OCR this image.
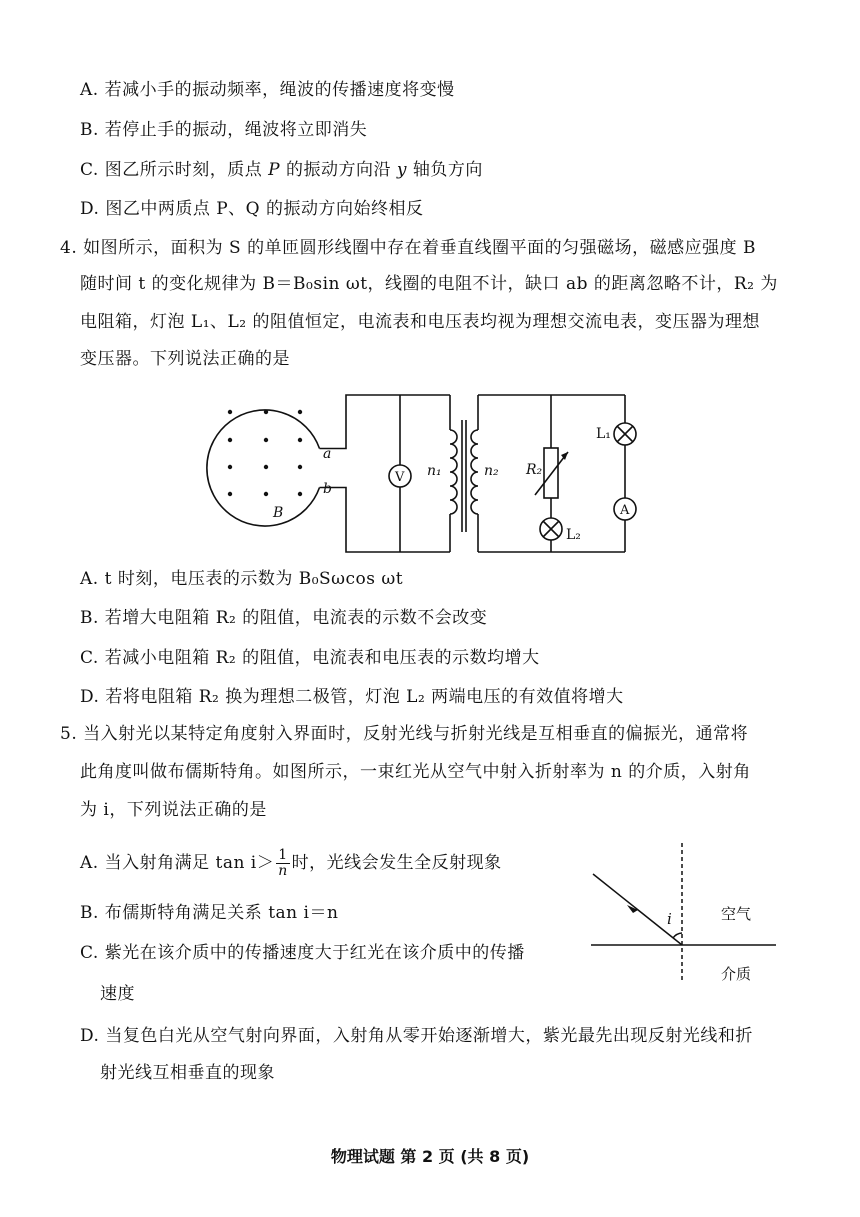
A. 若减小手的振动频率，绳波的传播速度将变慢
B. 若停止手的振动，绳波将立即消失
C. 图乙所示时刻，质点 P 的振动方向沿 y 轴负方向
D. 图乙中两质点 P、Q 的振动方向始终相反
4. 如图所示，面积为 S 的单匝圆形线圈中存在着垂直线圈平面的匀强磁场，磁感应强度 B
随时间 t 的变化规律为 B＝B₀sin ωt，线圈的电阻不计，缺口 ab 的距离忽略不计，R₂ 为
电阻箱，灯泡 L₁、L₂ 的阻值恒定，电流表和电压表均视为理想交流电表，变压器为理想
变压器。下列说法正确的是
a
b
B
V
A
n₁	n₂ R₂
L₁
L₂
i	空气
介质
A. t 时刻，电压表的示数为 B₀Sωcos ωt
B. 若增大电阻箱 R₂ 的阻值，电流表的示数不会改变
C. 若减小电阻箱 R₂ 的阻值，电流表和电压表的示数均增大
D. 若将电阻箱 R₂ 换为理想二极管，灯泡 L₂ 两端电压的有效值将增大
5. 当入射光以某特定角度射入界面时，反射光线与折射光线是互相垂直的偏振光，通常将
此角度叫做布儒斯特角。如图所示，一束红光从空气中射入折射率为 n 的介质，入射角
为 i，下列说法正确的是
A. 当入射角满足 $\tan i> \frac{1}{n}$ 时，光线会发生全反射现象
B. 布儒斯特角满足关系 tan i＝n
C. 紫光在该介质中的传播速度大于红光在该介质中的传播
速度
D. 当复色白光从空气射向界面，入射角从零开始逐渐增大，紫光最先出现反射光线和折
射光线互相垂直的现象
物理试题 第 2 页 (共 8 页)
